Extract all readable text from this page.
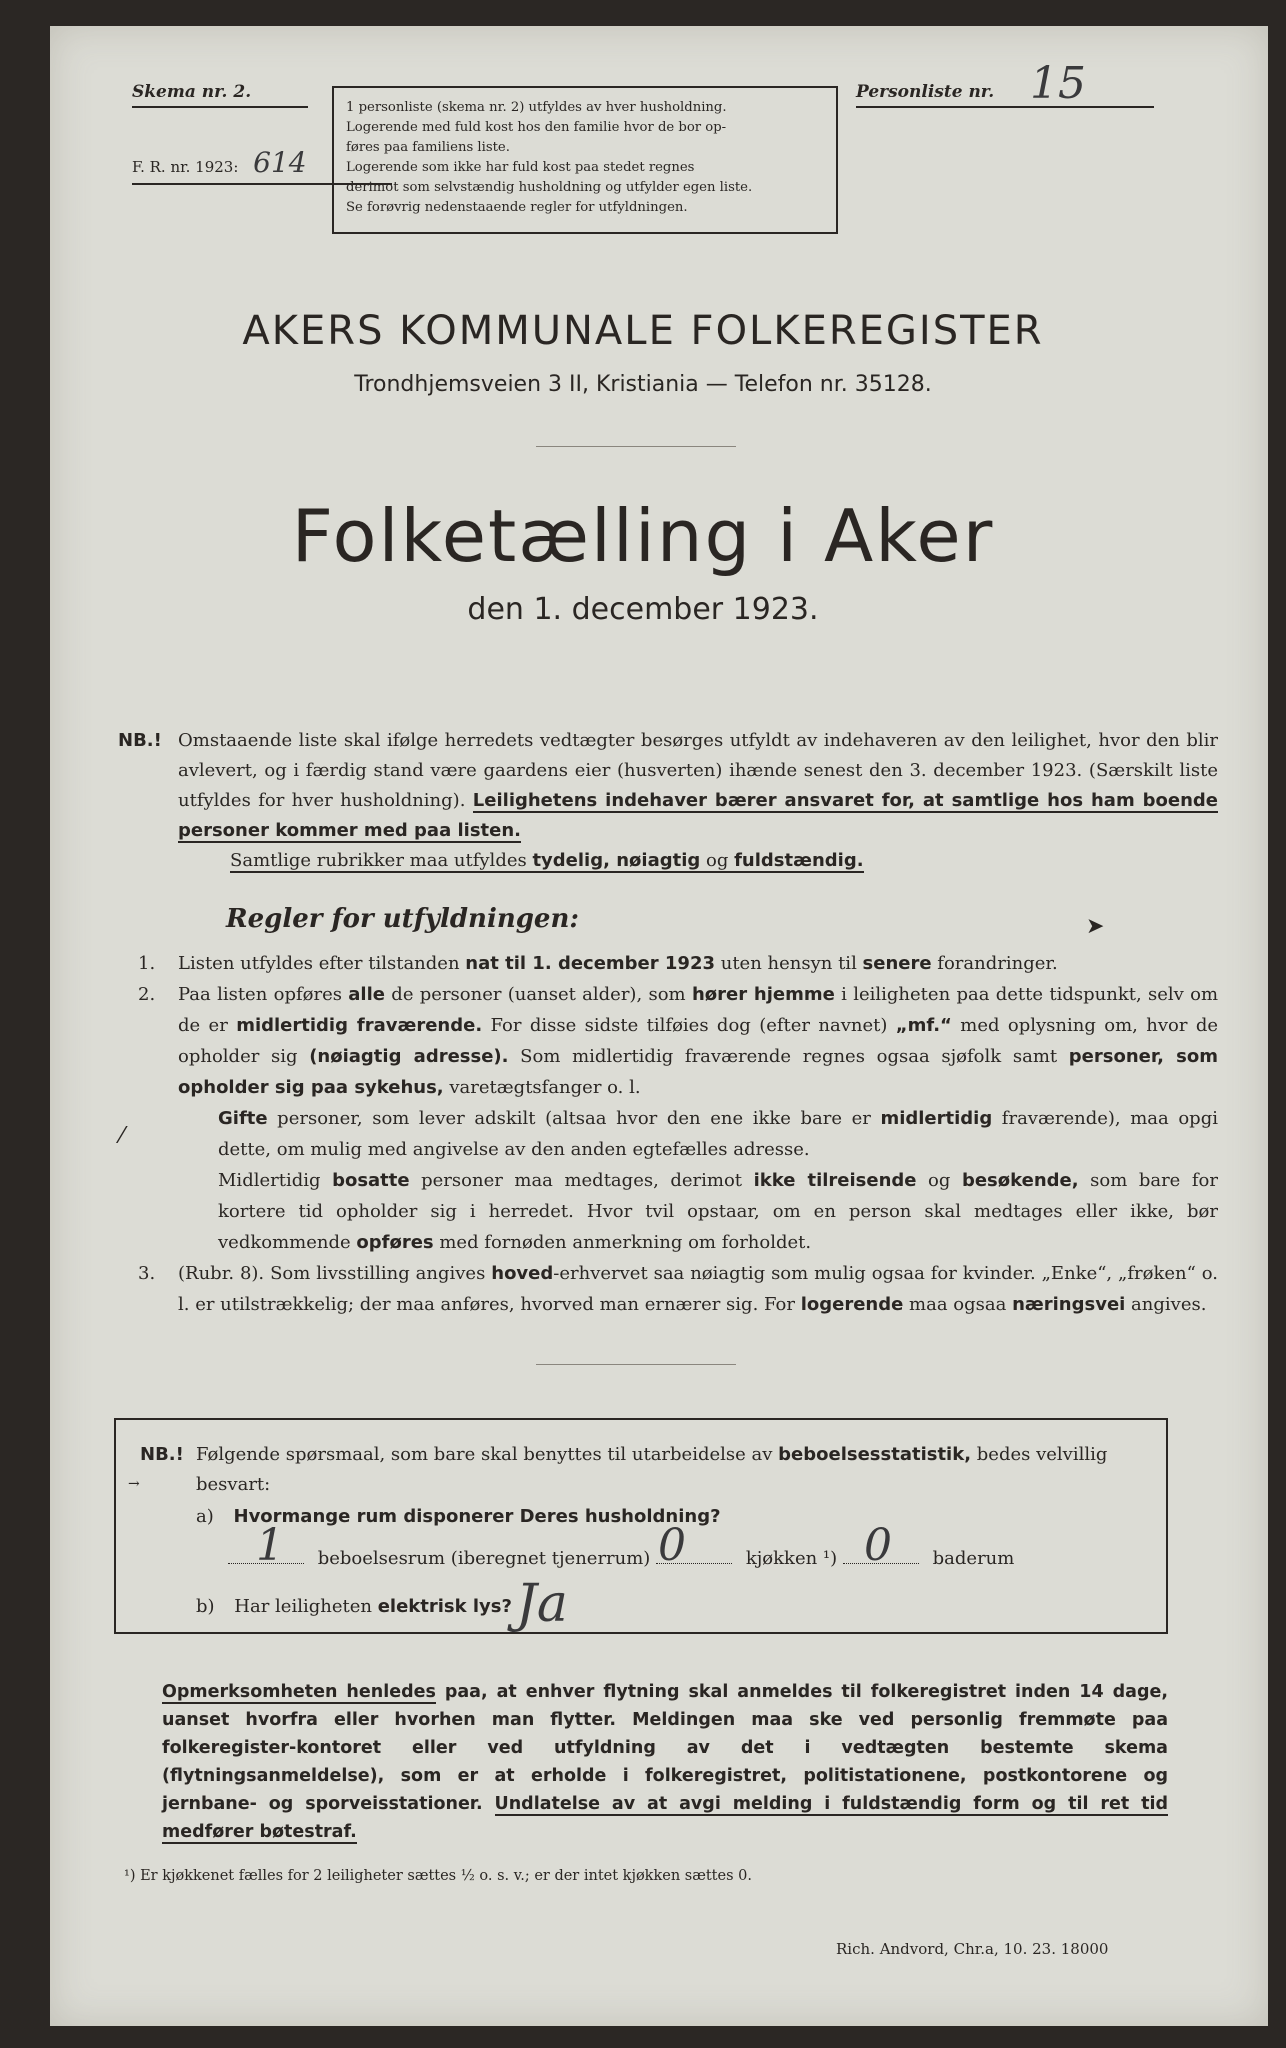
Skema nr. 2.
F. R. nr. 1923: 614
1 personliste (skema nr. 2) utfyldes av hver husholdning.
Logerende med fuld kost hos den familie hvor de bor op-
føres paa familiens liste.
Logerende som ikke har fuld kost paa stedet regnes
derimot som selvstændig husholdning og utfylder egen liste.
Se forøvrig nedenstaaende regler for utfyldningen.
Personliste nr. 15
AKERS KOMMUNALE FOLKEREGISTER
Trondhjemsveien 3 II, Kristiania — Telefon nr. 35128.
Folketælling i Aker
den 1. december 1923.
NB.! Omstaaende liste skal ifølge herredets vedtægter besørges utfyldt av indehaveren av den leilighet, hvor den blir avlevert, og i færdig stand være gaardens eier (husverten) ihænde senest den 3. december 1923. (Særskilt liste utfyldes for hver husholdning). Leilighetens indehaver bærer ansvaret for, at samtlige hos ham boende personer kommer med paa listen.
Samtlige rubrikker maa utfyldes tydelig, nøiagtig og fuldstændig.
Regler for utfyldningen:	➤
1. Listen utfyldes efter tilstanden nat til 1. december 1923 uten hensyn til senere forandringer.
2. Paa listen opføres alle de personer (uanset alder), som hører hjemme i leiligheten paa dette tidspunkt, selv om de er midlertidig fraværende. For disse sidste tilføies dog (efter navnet) „mf.“ med oplysning om, hvor de opholder sig (nøiagtig adresse). Som midlertidig fraværende regnes ogsaa sjøfolk samt personer, som opholder sig paa sykehus, varetægtsfanger o. l.
Gifte personer, som lever adskilt (altsaa hvor den ene ikke bare er midlertidig fraværende), maa opgi dette, om mulig med angivelse av den anden egtefælles adresse.
Midlertidig bosatte personer maa medtages, derimot ikke tilreisende og besøkende, som bare for kortere tid opholder sig i herredet. Hvor tvil opstaar, om en person skal medtages eller ikke, bør vedkommende opføres med fornøden anmerkning om forholdet.
3. (Rubr. 8). Som livsstilling angives hoved-erhvervet saa nøiagtig som mulig ogsaa for kvinder. „Enke“, „frøken“ o. l. er utilstrækkelig; der maa anføres, hvorved man ernærer sig. For logerende maa ogsaa næringsvei angives.
⁄
NB.! Følgende spørsmaal, som bare skal benyttes til utarbeidelse av beboelsesstatistik, bedes velvillig
besvart:
→
a) Hvormange rum disponerer Deres husholdning?
beboelsesrum (iberegnet tjenerrum)	kjøkken ¹)	baderum
1	0	0
b) Har leiligheten elektrisk lys? Ja
Opmerksomheten henledes paa, at enhver flytning skal anmeldes til folkeregistret inden 14 dage, uanset hvorfra eller hvorhen man flytter. Meldingen maa ske ved personlig fremmøte paa folkeregister-kontoret eller ved utfyldning av det i vedtægten bestemte skema (flytningsanmeldelse), som er at erholde i folkeregistret, politistationene, postkontorene og jernbane- og sporveisstationer. Undlatelse av at avgi melding i fuldstændig form og til ret tid medfører bøtestraf.
¹) Er kjøkkenet fælles for 2 leiligheter sættes ½ o. s. v.; er der intet kjøkken sættes 0.
Rich. Andvord, Chr.a, 10. 23. 18000
